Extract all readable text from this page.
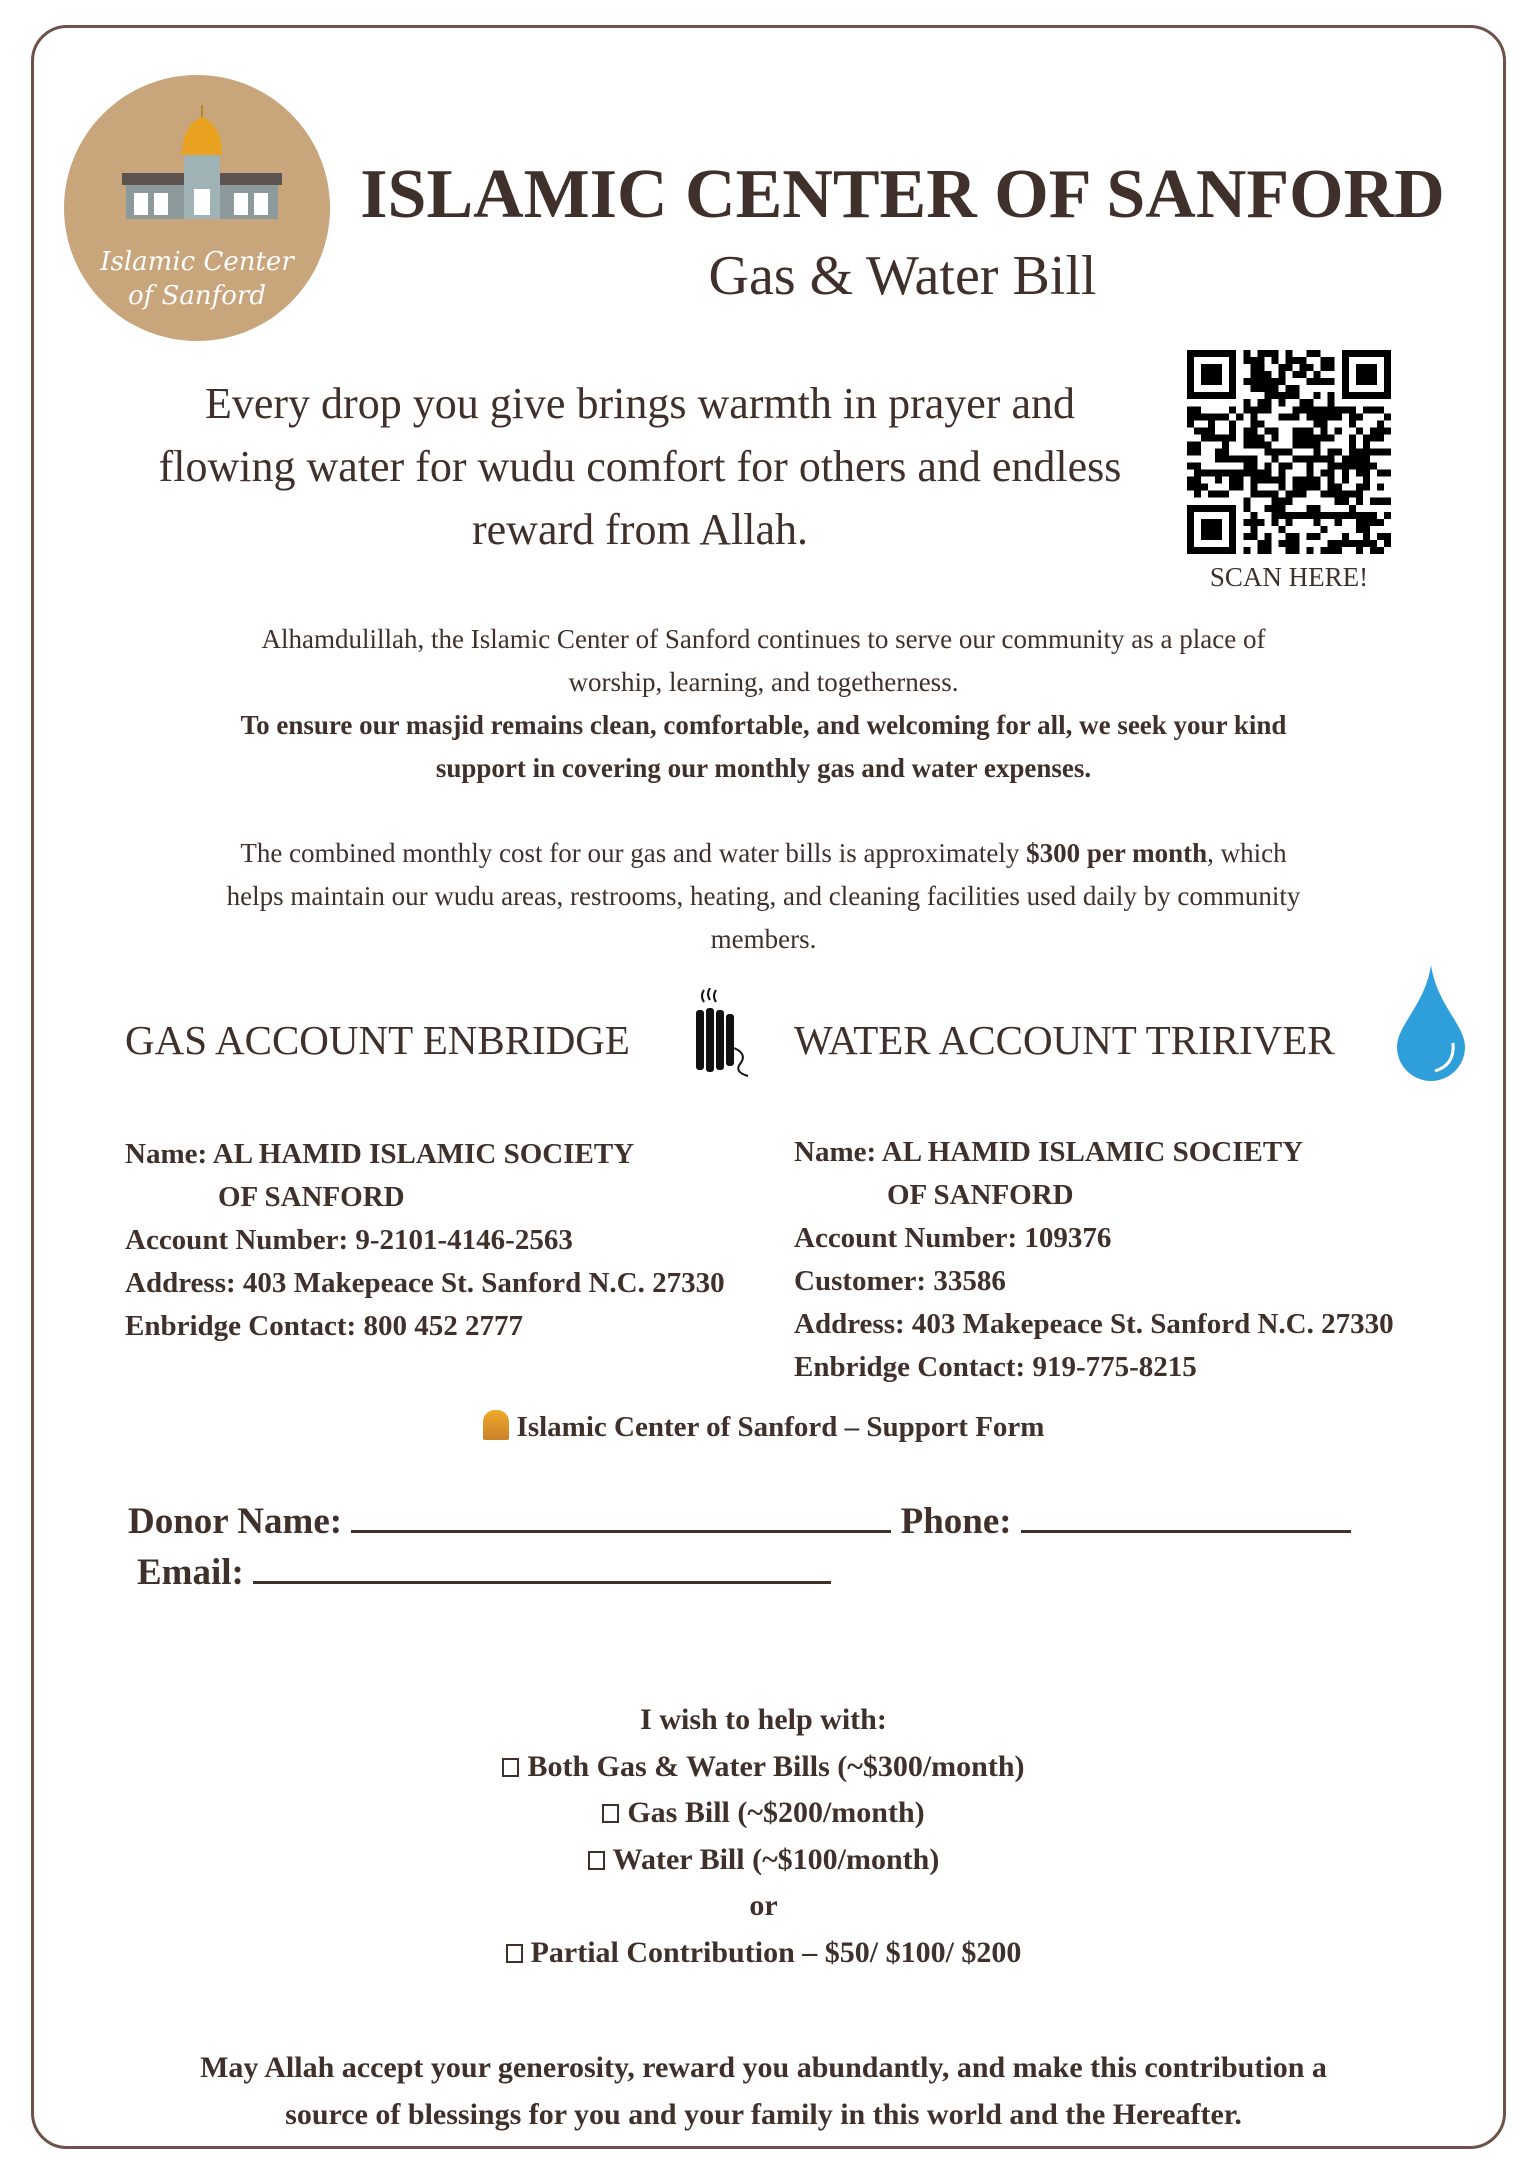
Islamic Center
of Sanford
ISLAMIC CENTER OF SANFORD
Gas & Water Bill
Every drop you give brings warmth in prayer and
flowing water for wudu comfort for others and endless
reward from Allah.
SCAN HERE!
Alhamdulillah, the Islamic Center of Sanford continues to serve our community as a place of
worship, learning, and togetherness.
To ensure our masjid remains clean, comfortable, and welcoming for all, we seek your kind
support in covering our monthly gas and water expenses.
The combined monthly cost for our gas and water bills is approximately $300 per month, which
helps maintain our wudu areas, restrooms, heating, and cleaning facilities used daily by community
members.
GAS ACCOUNT ENBRIDGE	WATER ACCOUNT TRIRIVER
Name: AL HAMID ISLAMIC SOCIETY
OF SANFORD
Account Number: 9-2101-4146-2563
Address: 403 Makepeace St. Sanford N.C. 27330
Enbridge Contact: 800 452 2777
Name: AL HAMID ISLAMIC SOCIETY
OF SANFORD
Account Number: 109376
Customer: 33586
Address: 403 Makepeace St. Sanford N.C. 27330
Enbridge Contact: 919-775-8215
Islamic Center of Sanford – Support Form
Donor Name:	Phone:
Email:
I wish to help with:
Both Gas & Water Bills (~$300/month)
Gas Bill (~$200/month)
Water Bill (~$100/month)
or
Partial Contribution – $50/ $100/ $200
May Allah accept your generosity, reward you abundantly, and make this contribution a
source of blessings for you and your family in this world and the Hereafter.
